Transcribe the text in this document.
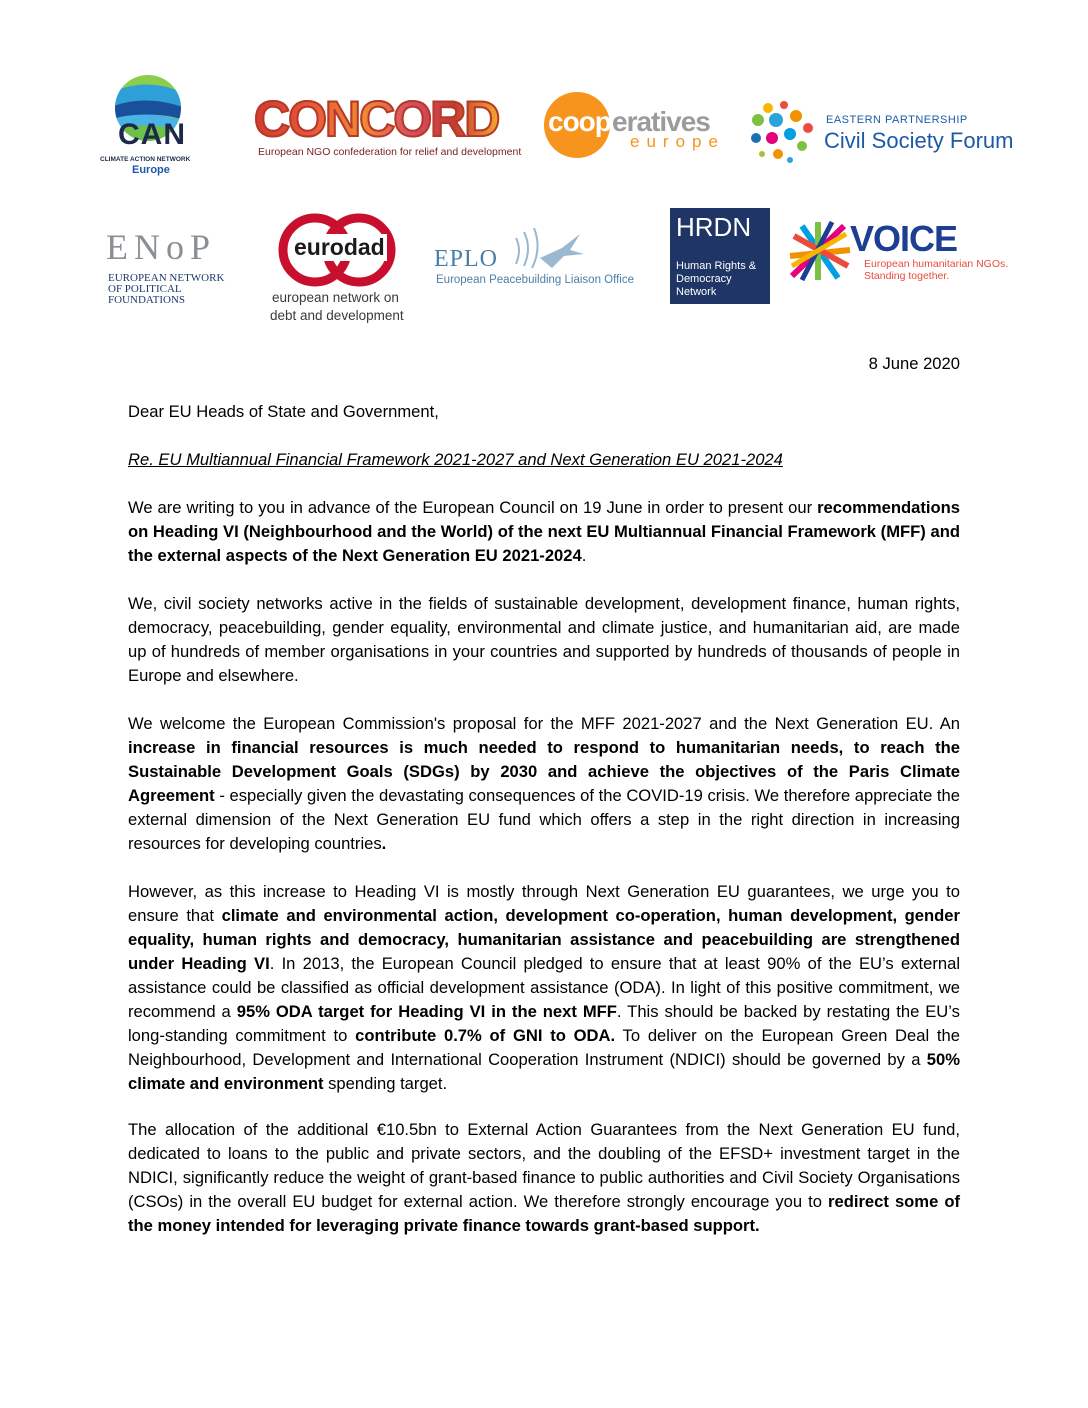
CAN
CLIMATE ACTION NETWORK
Europe
CONCORD
European NGO confederation for relief and development
coop eratives
europe
EASTERN PARTNERSHIP
Civil Society Forum
ENoP
EUROPEAN NETWORK
OF POLITICAL
FOUNDATIONS
eurodad
european network on
debt and development
EPLO
European Peacebuilding Liaison Office
HRDN
Human Rights &
Democracy
Network
VOICE
European humanitarian NGOs.
Standing together.
8 June 2020
Dear EU Heads of State and Government,
Re. EU Multiannual Financial Framework 2021-2027 and Next Generation EU 2021-2024
We are writing to you in advance of the European Council on 19 June in order to present our recommendations on Heading VI (Neighbourhood and the World) of the next EU Multiannual Financial Framework (MFF) and the external aspects of the Next Generation EU 2021-2024.
We, civil society networks active in the fields of sustainable development, development finance, human rights, democracy, peacebuilding, gender equality, environmental and climate justice, and humanitarian aid, are made up of hundreds of member organisations in your countries and supported by hundreds of thousands of people in Europe and elsewhere.
We welcome the European Commission's proposal for the MFF 2021-2027 and the Next Generation EU. An increase in financial resources is much needed to respond to humanitarian needs, to reach the Sustainable Development Goals (SDGs) by 2030 and achieve the objectives of the Paris Climate Agreement - especially given the devastating consequences of the COVID-19 crisis. We therefore appreciate the external dimension of the Next Generation EU fund which offers a step in the right direction in increasing resources for developing countries.
However, as this increase to Heading VI is mostly through Next Generation EU guarantees, we urge you to ensure that climate and environmental action, development co-operation, human development, gender equality, human rights and democracy, humanitarian assistance and peacebuilding are strengthened under Heading VI. In 2013, the European Council pledged to ensure that at least 90% of the EU’s external assistance could be classified as official development assistance (ODA). In light of this positive commitment, we recommend a 95% ODA target for Heading VI in the next MFF. This should be backed by restating the EU’s long-standing commitment to contribute 0.7% of GNI to ODA. To deliver on the European Green Deal the Neighbourhood, Development and International Cooperation Instrument (NDICI) should be governed by a 50% climate and environment spending target.
The allocation of the additional €10.5bn to External Action Guarantees from the Next Generation EU fund, dedicated to loans to the public and private sectors, and the doubling of the EFSD+ investment target in the NDICI, significantly reduce the weight of grant-based finance to public authorities and Civil Society Organisations (CSOs) in the overall EU budget for external action. We therefore strongly encourage you to redirect some of the money intended for leveraging private finance towards grant-based support.
